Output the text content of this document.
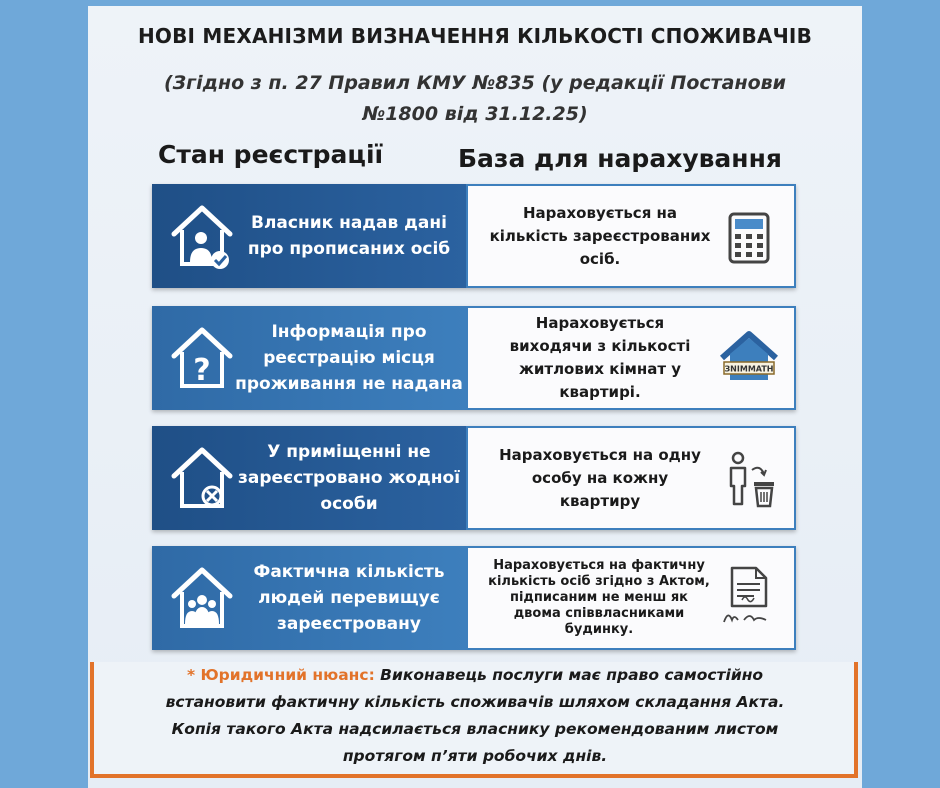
НОВІ МЕХАНІЗМИ ВИЗНАЧЕННЯ КІЛЬКОСТІ СПОЖИВАЧІВ
(Згідно з п. 27 Правил КМУ №835 (у редакції Постанови
№1800 від 31.12.25)
Стан реєстрації	База для нарахування
Власник надав дані
про прописаних осіб
Нараховується на
кількість зареєстрованих
осіб.
?
Інформація про
реєстрацію місця
проживання не надана
Нараховується
виходячи з кількості
житлових кімнат у
квартирі.
ЗNIMMATH
У приміщенні не
зареєстровано жодної
особи
Нараховується на одну
особу на кожну
квартиру
Фактична кількість
людей перевищує
зареєстровану
Нараховується на фактичну
кількість осіб згідно з Актом,
підписаним не менш як
двома співвласниками
будинку.
* Юридичний нюанс: Виконавець послуги має право самостійно
встановити фактичну кількість споживачів шляхом складання Акта.
Копія такого Акта надсилається власнику рекомендованим листом
протягом п’яти робочих днів.
